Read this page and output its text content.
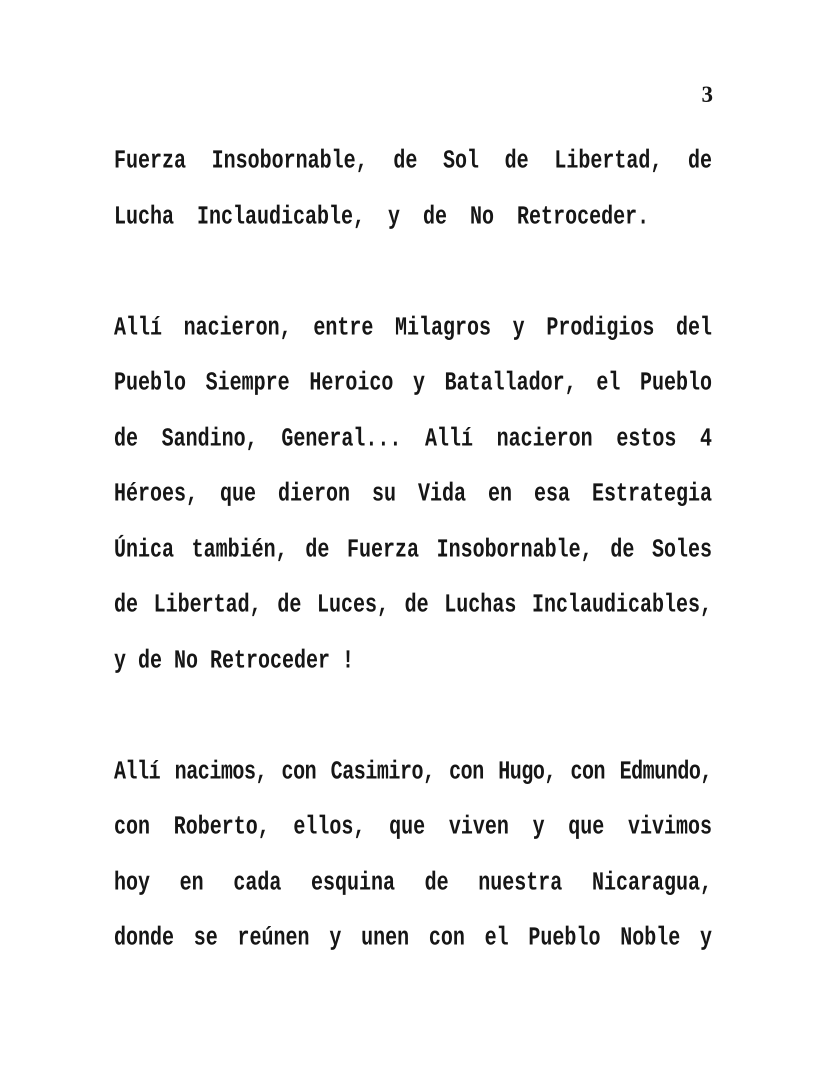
3
Fuerza Insobornable, de Sol de Libertad, de
Lucha Inclaudicable, y de No Retroceder.
Allí nacieron, entre Milagros y Prodigios del
Pueblo Siempre Heroico y Batallador, el Pueblo
de Sandino, General... Allí nacieron estos 4
Héroes, que dieron su Vida en esa Estrategia
Única también, de Fuerza Insobornable, de Soles
de Libertad, de Luces, de Luchas Inclaudicables,
y de No Retroceder !
Allí nacimos, con Casimiro, con Hugo, con Edmundo,
con Roberto, ellos, que viven y que vivimos
hoy en cada esquina de nuestra Nicaragua,
donde se reúnen y unen con el Pueblo Noble y
